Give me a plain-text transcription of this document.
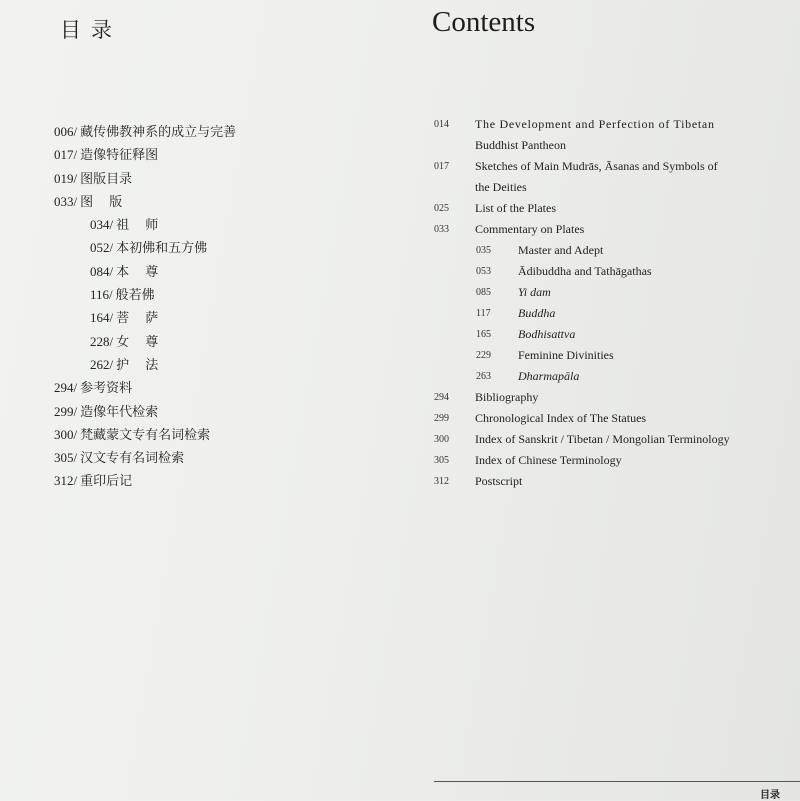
目录	Contents
006/ 藏传佛教神系的成立与完善
017/ 造像特征释图
019/ 图版目录
033/ 图 版
034/ 祖 师
052/ 本初佛和五方佛
084/ 本 尊
116/ 般若佛
164/ 菩 萨
228/ 女 尊
262/ 护 法
294/ 参考资料
299/ 造像年代检索
300/ 梵藏蒙文专有名词检索
305/ 汉文专有名词检索
312/ 重印后记
014	The Development and Perfection of Tibetan
Buddhist Pantheon
017	Sketches of Main Mudrās, Āsanas and Symbols of
the Deities
025	List of the Plates
033	Commentary on Plates
035	Master and Adept
053	Ādibuddha and Tathāgathas
085	Yi dam
117	Buddha
165	Bodhisattva
229	Feminine Divinities
263	Dharmapāla
294	Bibliography
299	Chronological Index of The Statues
300	Index of Sanskrit / Tibetan / Mongolian Terminology
305	Index of Chinese Terminology
312	Postscript
目录
